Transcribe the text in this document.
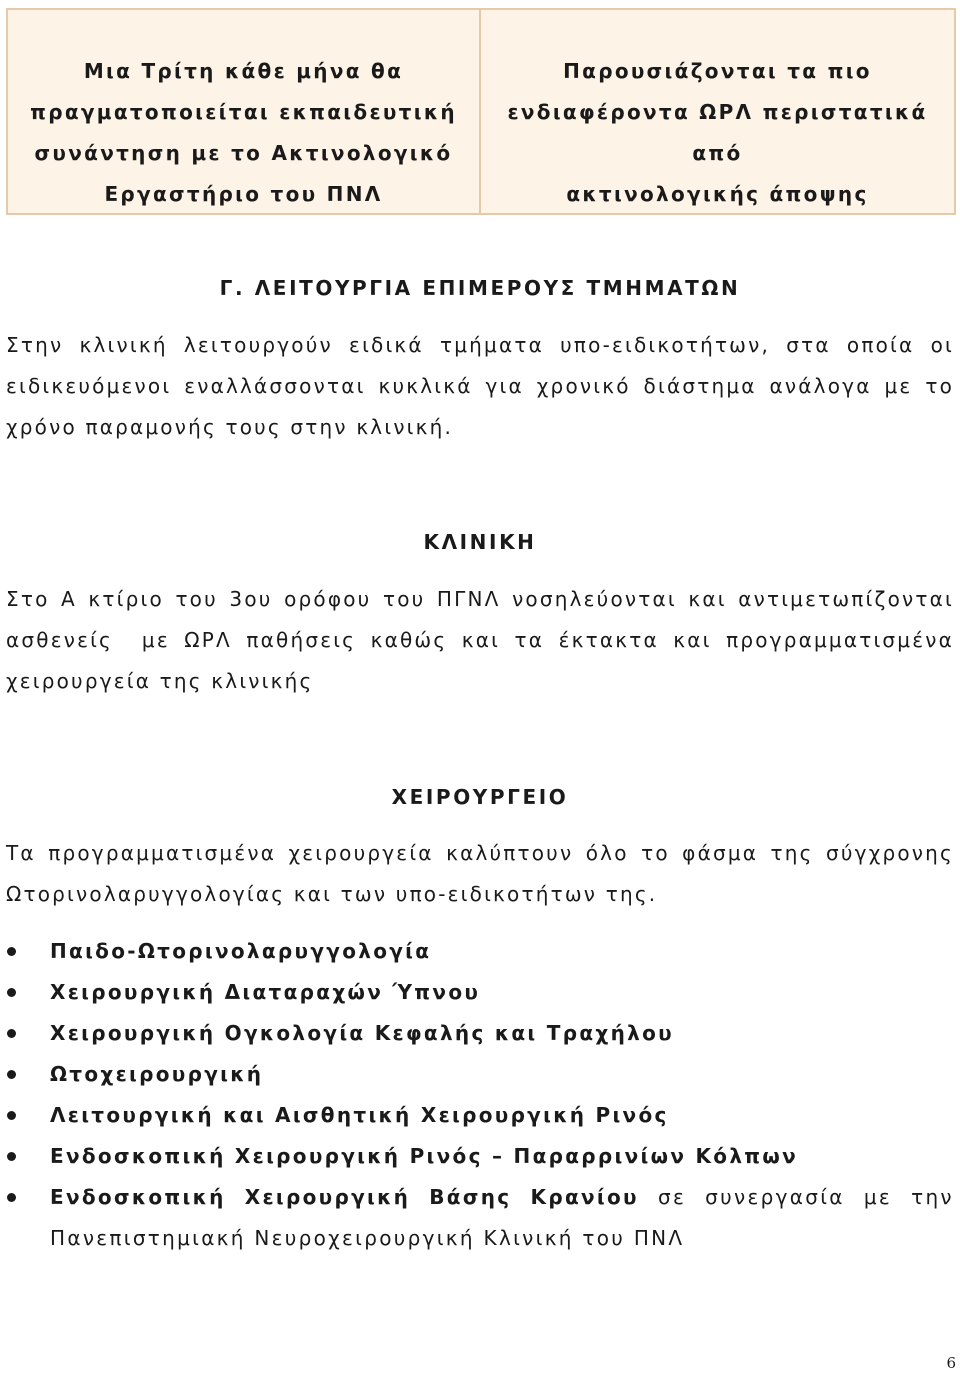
Μια Τρίτη κάθε μήνα θα
πραγματοποιείται εκπαιδευτική
συνάντηση με το Ακτινολογικό
Εργαστήριο του ΠΝΛ

Παρουσιάζονται τα πιο
ενδιαφέροντα ΩΡΛ περιστατικά από
ακτινολογικής άποψης

Γ. ΛΕΙΤΟΥΡΓΙΑ ΕΠΙΜΕΡΟΥΣ ΤΜΗΜΑΤΩΝ

Στην κλινική λειτουργούν ειδικά τμήματα υπο-ειδικοτήτων, στα οποία οι
ειδικευόμενοι εναλλάσσονται κυκλικά για χρονικό διάστημα ανάλογα με το
χρόνο παραμονής τους στην κλινική.

ΚΛΙΝΙΚΗ

Στο Α κτίριο του 3ου ορόφου του ΠΓΝΛ νοσηλεύονται και αντιμετωπίζονται
ασθενείς  με ΩΡΛ παθήσεις καθώς και τα έκτακτα και προγραμματισμένα
χειρουργεία της κλινικής

ΧΕΙΡΟΥΡΓΕΙΟ

Τα προγραμματισμένα χειρουργεία καλύπτουν όλο το φάσμα της σύγχρονης
Ωτορινολαρυγγολογίας και των υπο-ειδικοτήτων της.

Παιδο-Ωτορινολαρυγγολογία
Χειρουργική Διαταραχών Ύπνου
Χειρουργική Ογκολογία Κεφαλής και Τραχήλου
Ωτοχειρουργική
Λειτουργική και Αισθητική Χειρουργική Ρινός
Ενδοσκοπική Χειρουργική Ρινός – Παραρρινίων Κόλπων
Ενδοσκοπική Χειρουργική Βάσης Κρανίου σε συνεργασία με την
Πανεπιστημιακή Νευροχειρουργική Κλινική του ΠΝΛ

6
